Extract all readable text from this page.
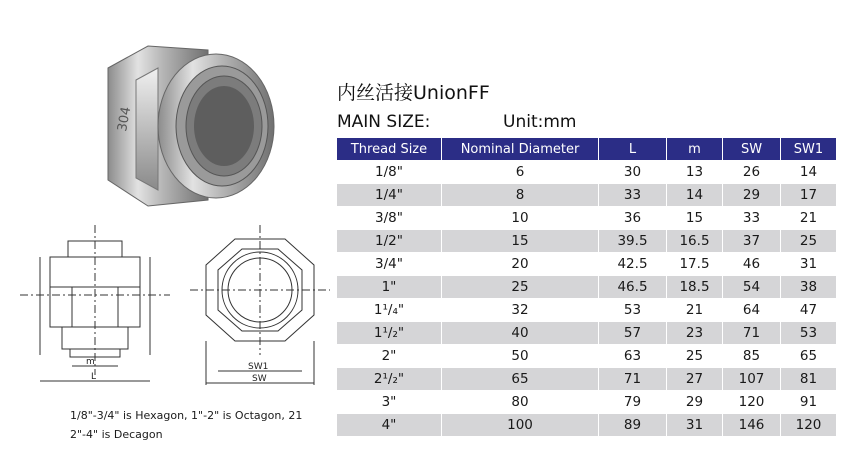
304
m
L
SW1
SW
1/8"-3/4" is Hexagon, 1"-2" is Octagon, 21
2"-4" is Decagon
内丝活接UnionFF
MAIN SIZE:	Unit:mm
Thread Size	Nominal Diameter	L	m	SW	SW1
1/8"	6	30	13	26	14
1/4"	8	33	14	29	17
3/8"	10	36	15	33	21
1/2"	15	39.5	16.5	37	25
3/4"	20	42.5	17.5	46	31
1"	25	46.5	18.5	54	38
1¹/₄"	32	53	21	64	47
1¹/₂"	40	57	23	71	53
2"	50	63	25	85	65
2¹/₂"	65	71	27	107	81
3"	80	79	29	120	91
4"	100	89	31	146	120
